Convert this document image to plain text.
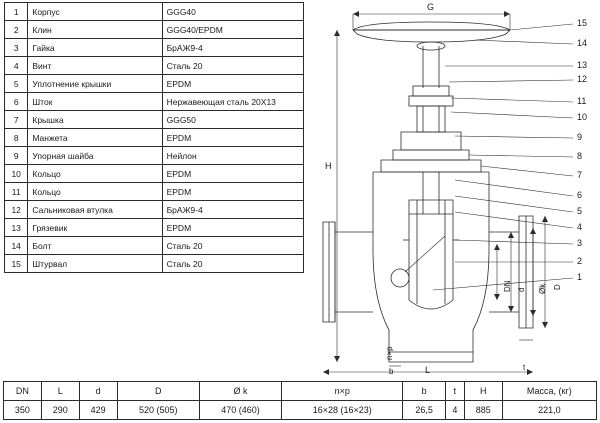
1	Корпус	GGG40
2	Клин	GGG40/EPDM
3	Гайка	БрАЖ9-4
4	Винт	Сталь 20
5	Уплотнение крышки	EPDM
6	Шток	Нержавеющая сталь 20Х13
7	Крышка	GGG50
8	Манжета	EPDM
9	Упорная шайба	Нейлон
10	Кольцо	EPDM
11	Кольцо	EPDM
12	Сальниковая втулка	БрАЖ9-4
13	Грязевик	EPDM
14	Болт	Сталь 20
15	Штурвал	Сталь 20
15
14
13
12
11
10
9
8
7
6
5
4
3
2
1
G
H
L
DN d Øk D
n×p
b	t
DN	L	d	D	Ø k	n×p	b	t	H	Масса, (кг)
350	290	429	520 (505)	470 (460)	16×28 (16×23)	26,5	4	885	221,0
